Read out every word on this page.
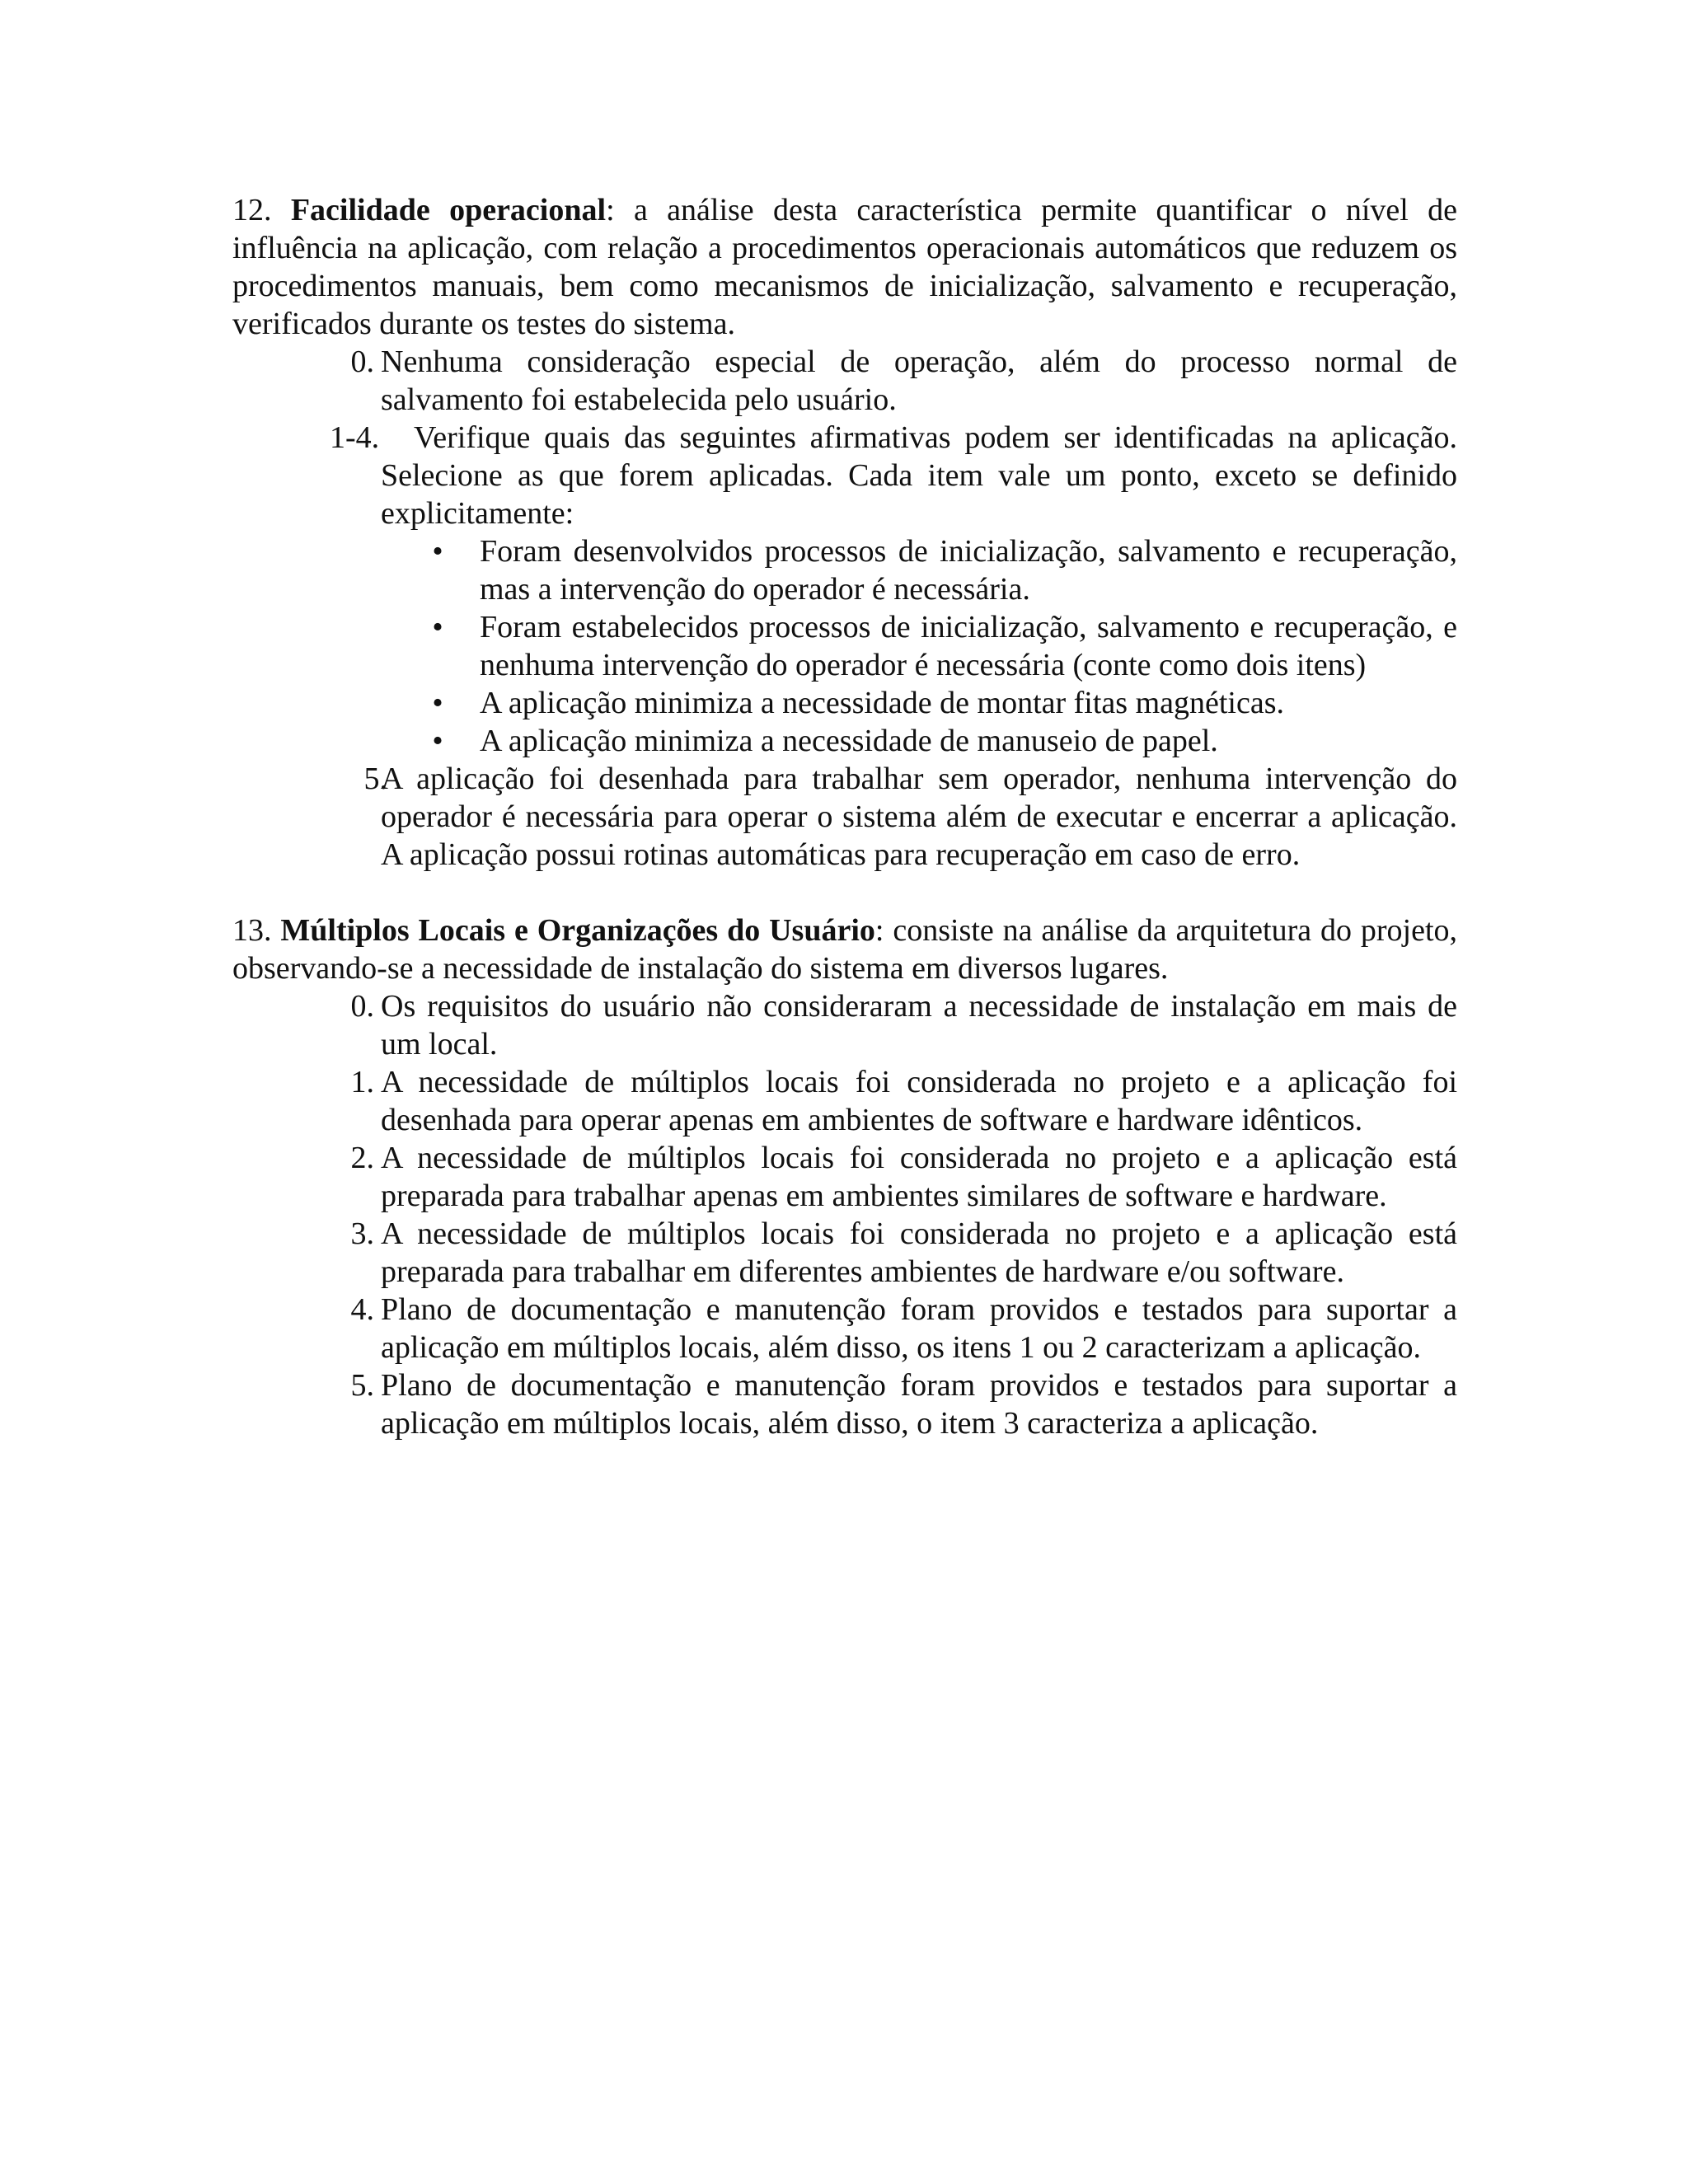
12. Facilidade operacional: a análise desta característica permite quantificar o nível de influência na aplicação, com relação a procedimentos operacionais automáticos que reduzem os procedimentos manuais, bem como mecanismos de inicialização, salvamento e recuperação, verificados durante os testes do sistema.

0. Nenhuma consideração especial de operação, além do processo normal de salvamento foi estabelecida pelo usuário.
1-4.	Verifique quais das seguintes afirmativas podem ser identificadas na aplicação. Selecione as que forem aplicadas. Cada item vale um ponto, exceto se definido explicitamente:
• Foram desenvolvidos processos de inicialização, salvamento e recuperação, mas a intervenção do operador é necessária.
• Foram estabelecidos processos de inicialização, salvamento e recuperação, e nenhuma intervenção do operador é necessária (conte como dois itens)
• A aplicação minimiza a necessidade de montar fitas magnéticas.
• A aplicação minimiza a necessidade de manuseio de papel.
5.
A aplicação foi desenhada para trabalhar sem operador, nenhuma intervenção do operador é necessária para operar o sistema além de executar e encerrar a aplicação. A aplicação possui rotinas automáticas para recuperação em caso de erro.

13. Múltiplos Locais e Organizações do Usuário: consiste na análise da arquitetura do projeto, observando-se a necessidade de instalação do sistema em diversos lugares.

0. Os requisitos do usuário não consideraram a necessidade de instalação em mais de um local.
1. A necessidade de múltiplos locais foi considerada no projeto e a aplicação foi desenhada para operar apenas em ambientes de software e hardware idênticos.
2. A necessidade de múltiplos locais foi considerada no projeto e a aplicação está preparada para trabalhar apenas em ambientes similares de software e hardware.
3. A necessidade de múltiplos locais foi considerada no projeto e a aplicação está preparada para trabalhar em diferentes ambientes de hardware e/ou software.
4. Plano de documentação e manutenção foram providos e testados para suportar a aplicação em múltiplos locais, além disso, os itens 1 ou 2 caracterizam a aplicação.
5. Plano de documentação e manutenção foram providos e testados para suportar a aplicação em múltiplos locais, além disso, o item 3 caracteriza a aplicação.
